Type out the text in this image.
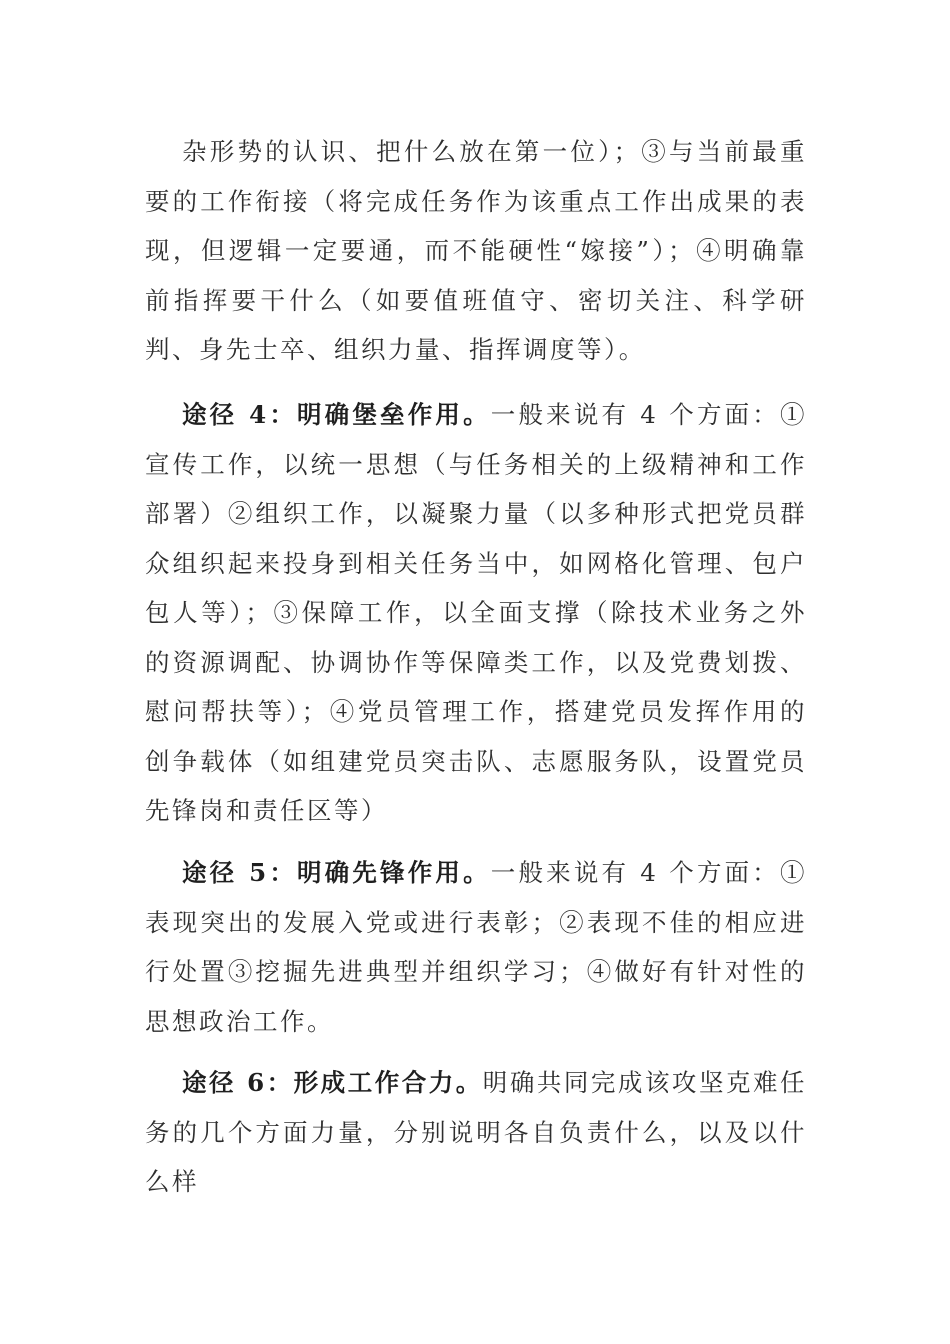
杂形势的认识、把什么放在第一位）；③与当前最重要的工作衔接（将完成任务作为该重点工作出成果的表现，但逻辑一定要通，而不能硬性“嫁接”）；④明确靠前指挥要干什么（如要值班值守、密切关注、科学研判、身先士卒、组织力量、指挥调度等）。

途径 4：明确堡垒作用。一般来说有 4 个方面：①宣传工作，以统一思想（与任务相关的上级精神和工作部署）②组织工作，以凝聚力量（以多种形式把党员群众组织起来投身到相关任务当中，如网格化管理、包户包人等）；③保障工作，以全面支撑（除技术业务之外的资源调配、协调协作等保障类工作，以及党费划拨、慰问帮扶等）；④党员管理工作，搭建党员发挥作用的创争载体（如组建党员突击队、志愿服务队，设置党员先锋岗和责任区等）

途径 5：明确先锋作用。一般来说有 4 个方面：①表现突出的发展入党或进行表彰；②表现不佳的相应进行处置③挖掘先进典型并组织学习；④做好有针对性的思想政治工作。

途径 6：形成工作合力。明确共同完成该攻坚克难任务的几个方面力量，分别说明各自负责什么，以及以什么样
